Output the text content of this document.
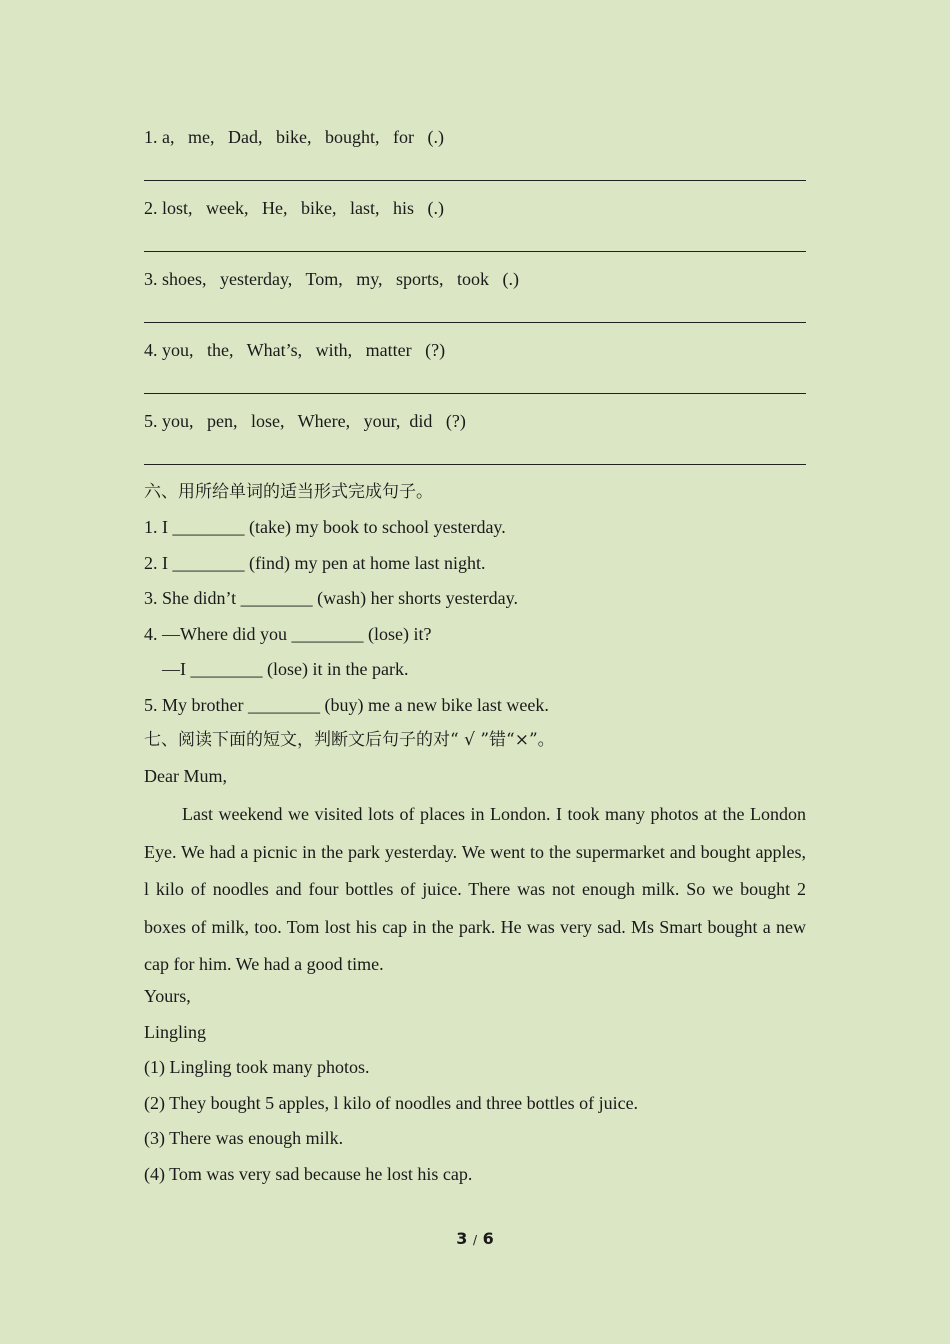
1. a,   me,   Dad,   bike,   bought,   for   (.)
2. lost,   week,   He,   bike,   last,   his   (.)
3. shoes,   yesterday,   Tom,   my,   sports,   took   (.)
4. you,   the,   What’s,   with,   matter   (?)
5. you,   pen,   lose,   Where,   your,  did   (?)
六、用所给单词的适当形式完成句子。
1. I ________ (take) my book to school yesterday.
2. I ________ (find) my pen at home last night.
3. She didn’t ________ (wash) her shorts yesterday.
4. —Where did you ________ (lose) it?
—I ________ (lose) it in the park.
5. My brother ________ (buy) me a new bike last week.
七、阅读下面的短文，判断文后句子的对“ √ ”错“×”。
Dear Mum,
Last weekend we visited lots of places in London. I took many photos at the London Eye. We had a picnic in the park yesterday. We went to the supermarket and bought apples, l kilo of noodles and four bottles of juice. There was not enough milk. So we bought 2 boxes of milk, too. Tom lost his cap in the park. He was very sad. Ms Smart bought a new cap for him. We had a good time.
Yours,
Lingling
(1) Lingling took many photos.
(2) They bought 5 apples, l kilo of noodles and three bottles of juice.
(3) There was enough milk.
(4) Tom was very sad because he lost his cap.
3 / 6
